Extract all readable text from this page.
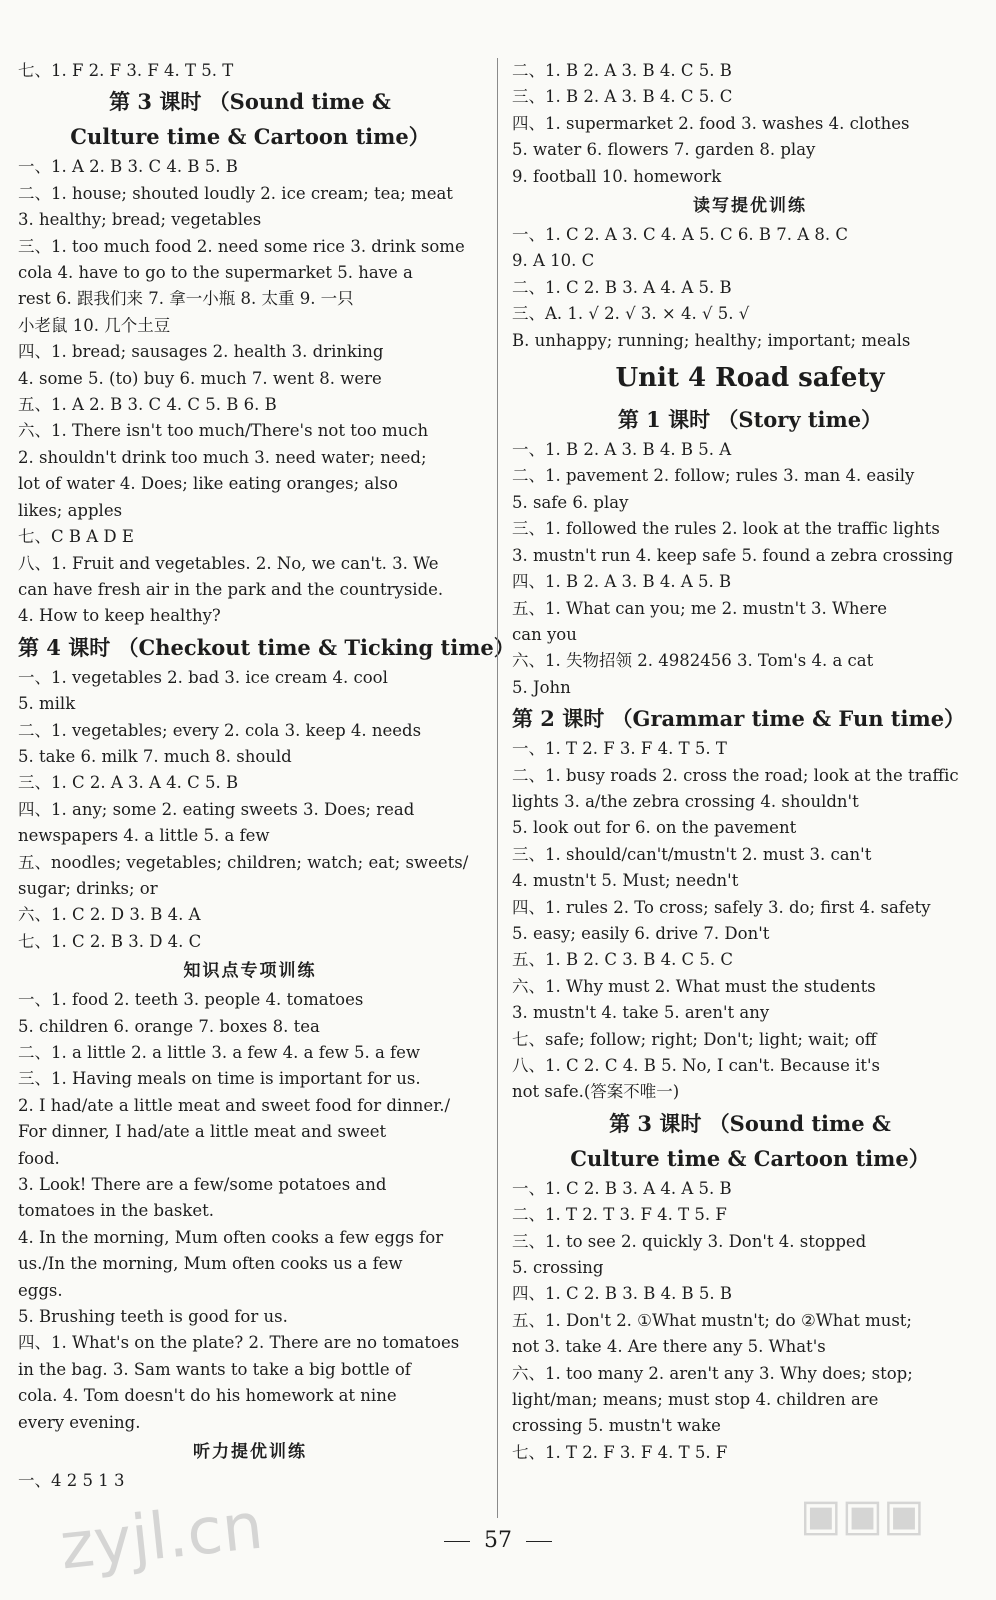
七、1. F 2. F 3. F 4. T 5. T
第 3 课时 （Sound time &
Culture time & Cartoon time）
一、1. A 2. B 3. C 4. B 5. B
二、1. house; shouted loudly 2. ice cream; tea; meat
3. healthy; bread; vegetables
三、1. too much food 2. need some rice 3. drink some
cola 4. have to go to the supermarket 5. have a
rest 6. 跟我们来 7. 拿一小瓶 8. 太重 9. 一只
小老鼠 10. 几个土豆
四、1. bread; sausages 2. health 3. drinking
4. some 5. (to) buy 6. much 7. went 8. were
五、1. A 2. B 3. C 4. C 5. B 6. B
六、1. There isn't too much/There's not too much
2. shouldn't drink too much 3. need water; need;
lot of water 4. Does; like eating oranges; also
likes; apples
七、C B A D E
八、1. Fruit and vegetables. 2. No, we can't. 3. We
can have fresh air in the park and the countryside.
4. How to keep healthy?
第 4 课时 （Checkout time & Ticking time）
一、1. vegetables 2. bad 3. ice cream 4. cool
5. milk
二、1. vegetables; every 2. cola 3. keep 4. needs
5. take 6. milk 7. much 8. should
三、1. C 2. A 3. A 4. C 5. B
四、1. any; some 2. eating sweets 3. Does; read
newspapers 4. a little 5. a few
五、noodles; vegetables; children; watch; eat; sweets/
sugar; drinks; or
六、1. C 2. D 3. B 4. A
七、1. C 2. B 3. D 4. C
知识点专项训练
一、1. food 2. teeth 3. people 4. tomatoes
5. children 6. orange 7. boxes 8. tea
二、1. a little 2. a little 3. a few 4. a few 5. a few
三、1. Having meals on time is important for us.
2. I had/ate a little meat and sweet food for dinner./
For dinner, I had/ate a little meat and sweet
food.
3. Look! There are a few/some potatoes and
tomatoes in the basket.
4. In the morning, Mum often cooks a few eggs for
us./In the morning, Mum often cooks us a few
eggs.
5. Brushing teeth is good for us.
四、1. What's on the plate? 2. There are no tomatoes
in the bag. 3. Sam wants to take a big bottle of
cola. 4. Tom doesn't do his homework at nine
every evening.
听力提优训练
一、4 2 5 1 3
二、1. B 2. A 3. B 4. C 5. B
三、1. B 2. A 3. B 4. C 5. C
四、1. supermarket 2. food 3. washes 4. clothes
5. water 6. flowers 7. garden 8. play
9. football 10. homework
读写提优训练
一、1. C 2. A 3. C 4. A 5. C 6. B 7. A 8. C
9. A 10. C
二、1. C 2. B 3. A 4. A 5. B
三、A. 1. √ 2. √ 3. × 4. √ 5. √
B. unhappy; running; healthy; important; meals
Unit 4 Road safety
第 1 课时 （Story time）
一、1. B 2. A 3. B 4. B 5. A
二、1. pavement 2. follow; rules 3. man 4. easily
5. safe 6. play
三、1. followed the rules 2. look at the traffic lights
3. mustn't run 4. keep safe 5. found a zebra crossing
四、1. B 2. A 3. B 4. A 5. B
五、1. What can you; me 2. mustn't 3. Where
can you
六、1. 失物招领 2. 4982456 3. Tom's 4. a cat
5. John
第 2 课时 （Grammar time & Fun time）
一、1. T 2. F 3. F 4. T 5. T
二、1. busy roads 2. cross the road; look at the traffic
lights 3. a/the zebra crossing 4. shouldn't
5. look out for 6. on the pavement
三、1. should/can't/mustn't 2. must 3. can't
4. mustn't 5. Must; needn't
四、1. rules 2. To cross; safely 3. do; first 4. safety
5. easy; easily 6. drive 7. Don't
五、1. B 2. C 3. B 4. C 5. C
六、1. Why must 2. What must the students
3. mustn't 4. take 5. aren't any
七、safe; follow; right; Don't; light; wait; off
八、1. C 2. C 4. B 5. No, I can't. Because it's
not safe.(答案不唯一)
第 3 课时 （Sound time &
Culture time & Cartoon time）
一、1. C 2. B 3. A 4. A 5. B
二、1. T 2. T 3. F 4. T 5. F
三、1. to see 2. quickly 3. Don't 4. stopped
5. crossing
四、1. C 2. B 3. B 4. B 5. B
五、1. Don't 2. ①What mustn't; do ②What must;
not 3. take 4. Are there any 5. What's
六、1. too many 2. aren't any 3. Why does; stop;
light/man; means; must stop 4. children are
crossing 5. mustn't wake
七、1. T 2. F 3. F 4. T 5. F
57
zyjl.cn	▣▣▣
